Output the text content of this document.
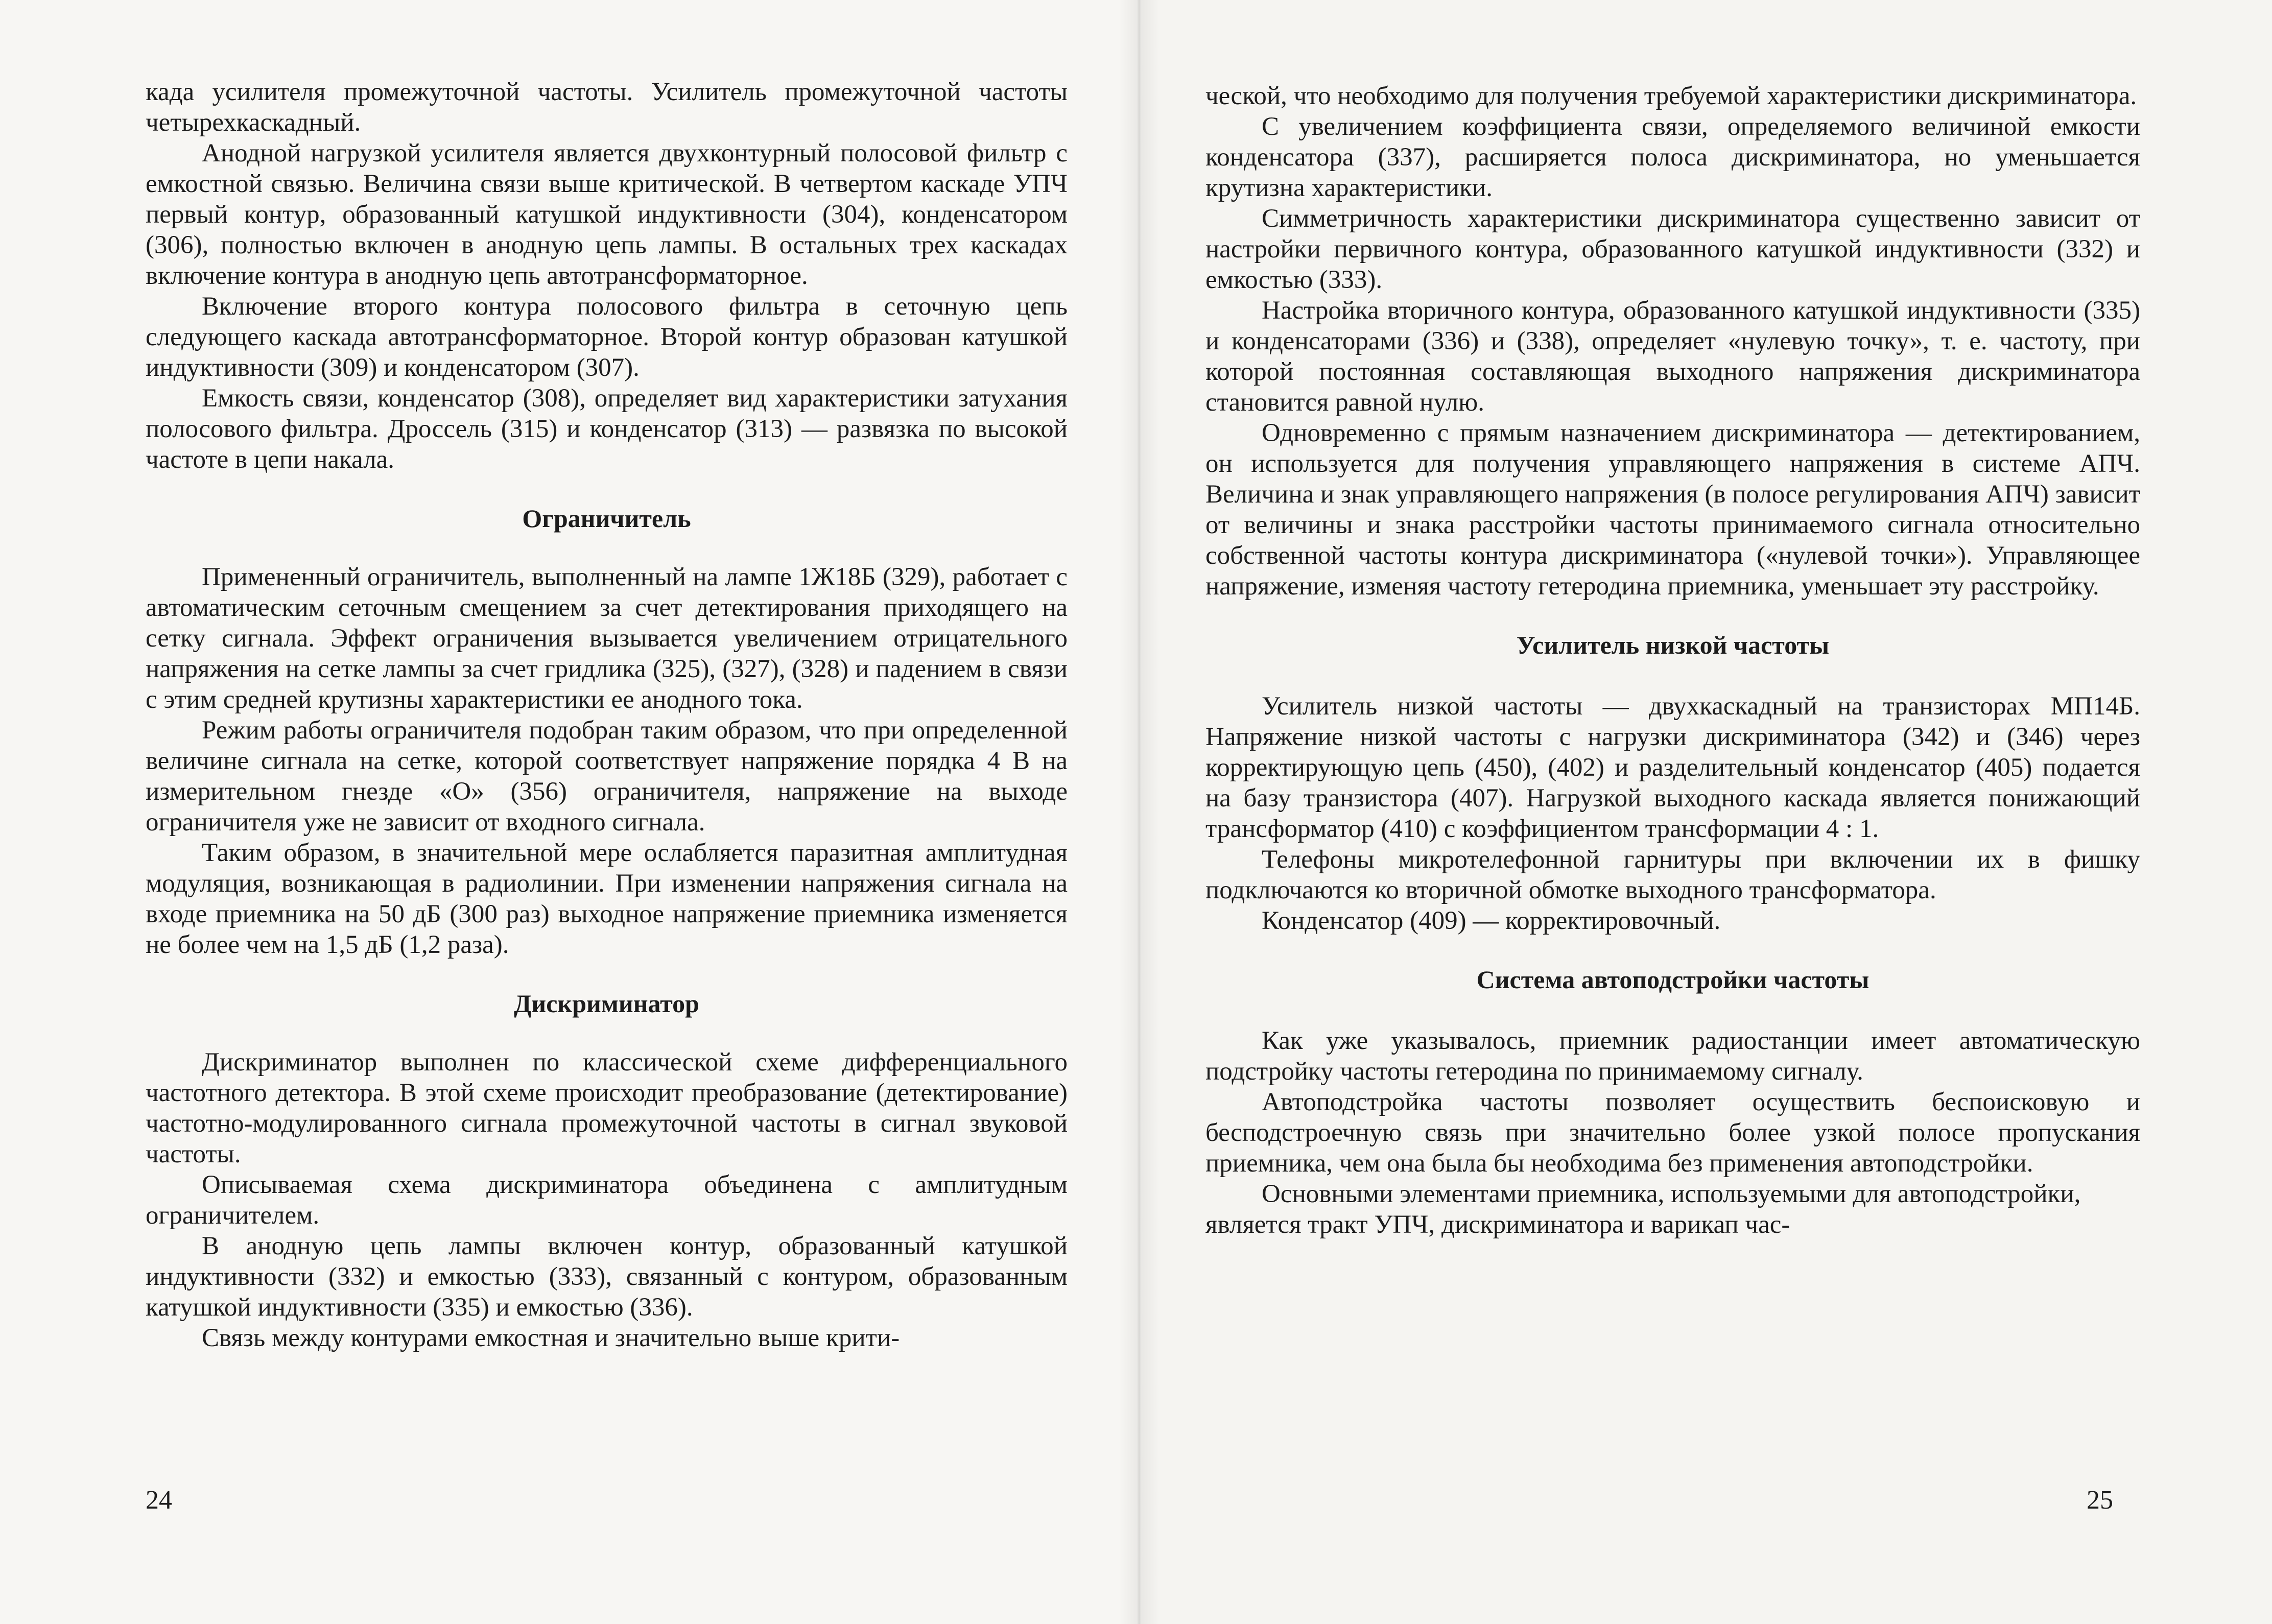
када усилителя промежуточной частоты. Усилитель промежуточной частоты четырехкаскадный.

Анодной нагрузкой усилителя является двухконтурный полосовой фильтр с емкостной связью. Величина связи выше критической. В четвертом каскаде УПЧ первый контур, образованный катушкой индуктивности (304), конденсатором (306), полностью включен в анодную цепь лампы. В остальных трех каскадах включение контура в анодную цепь автотрансформаторное.

Включение второго контура полосового фильтра в сеточную цепь следующего каскада автотрансформаторное. Второй контур образован катушкой индуктивности (309) и конденсатором (307).

Емкость связи, конденсатор (308), определяет вид характеристики затухания полосового фильтра. Дроссель (315) и конденсатор (313) — развязка по высокой частоте в цепи накала.

Ограничитель

Примененный ограничитель, выполненный на лампе 1Ж18Б (329), работает с автоматическим сеточным смещением за счет детектирования приходящего на сетку сигнала. Эффект ограничения вызывается увеличением отрицательного напряжения на сетке лампы за счет гридлика (325), (327), (328) и падением в связи с этим средней крутизны характеристики ее анодного тока.

Режим работы ограничителя подобран таким образом, что при определенной величине сигнала на сетке, которой соответствует напряжение порядка 4 В на измерительном гнезде «О» (356) ограничителя, напряжение на выходе ограничителя уже не зависит от входного сигнала.

Таким образом, в значительной мере ослабляется паразитная амплитудная модуляция, возникающая в радиолинии. При изменении напряжения сигнала на входе приемника на 50 дБ (300 раз) выходное напряжение приемника изменяется не более чем на 1,5 дБ (1,2 раза).

Дискриминатор

Дискриминатор выполнен по классической схеме дифференциального частотного детектора. В этой схеме происходит преобразование (детектирование) частотно-модулированного сигнала промежуточной частоты в сигнал звуковой частоты.

Описываемая схема дискриминатора объединена с амплитудным ограничителем.

В анодную цепь лампы включен контур, образованный катушкой индуктивности (332) и емкостью (333), связанный с контуром, образованным катушкой индуктивности (335) и емкостью (336).

Связь между контурами емкостная и значительно выше крити-

24

ческой, что необходимо для получения требуемой характеристики дискриминатора.

С увеличением коэффициента связи, определяемого величиной емкости конденсатора (337), расширяется полоса дискриминатора, но уменьшается крутизна характеристики.

Симметричность характеристики дискриминатора существенно зависит от настройки первичного контура, образованного катушкой индуктивности (332) и емкостью (333).

Настройка вторичного контура, образованного катушкой индуктивности (335) и конденсаторами (336) и (338), определяет «нулевую точку», т. е. частоту, при которой постоянная составляющая выходного напряжения дискриминатора становится равной нулю.

Одновременно с прямым назначением дискриминатора — детектированием, он используется для получения управляющего напряжения в системе АПЧ. Величина и знак управляющего напряжения (в полосе регулирования АПЧ) зависит от величины и знака расстройки частоты принимаемого сигнала относительно собственной частоты контура дискриминатора («нулевой точки»). Управляющее напряжение, изменяя частоту гетеродина приемника, уменьшает эту расстройку.

Усилитель низкой частоты

Усилитель низкой частоты — двухкаскадный на транзисторах МП14Б. Напряжение низкой частоты с нагрузки дискриминатора (342) и (346) через корректирующую цепь (450), (402) и разделительный конденсатор (405) подается на базу транзистора (407). Нагрузкой выходного каскада является понижающий трансформатор (410) с коэффициентом трансформации 4 : 1.

Телефоны микротелефонной гарнитуры при включении их в фишку подключаются ко вторичной обмотке выходного трансформатора.

Конденсатор (409) — корректировочный.

Система автоподстройки частоты

Как уже указывалось, приемник радиостанции имеет автоматическую подстройку частоты гетеродина по принимаемому сигналу.

Автоподстройка частоты позволяет осуществить беспоисковую и бесподстроечную связь при значительно более узкой полосе пропускания приемника, чем она была бы необходима без применения автоподстройки.

Основными элементами приемника, используемыми для автоподстройки, является тракт УПЧ, дискриминатора и варикап час-

25
